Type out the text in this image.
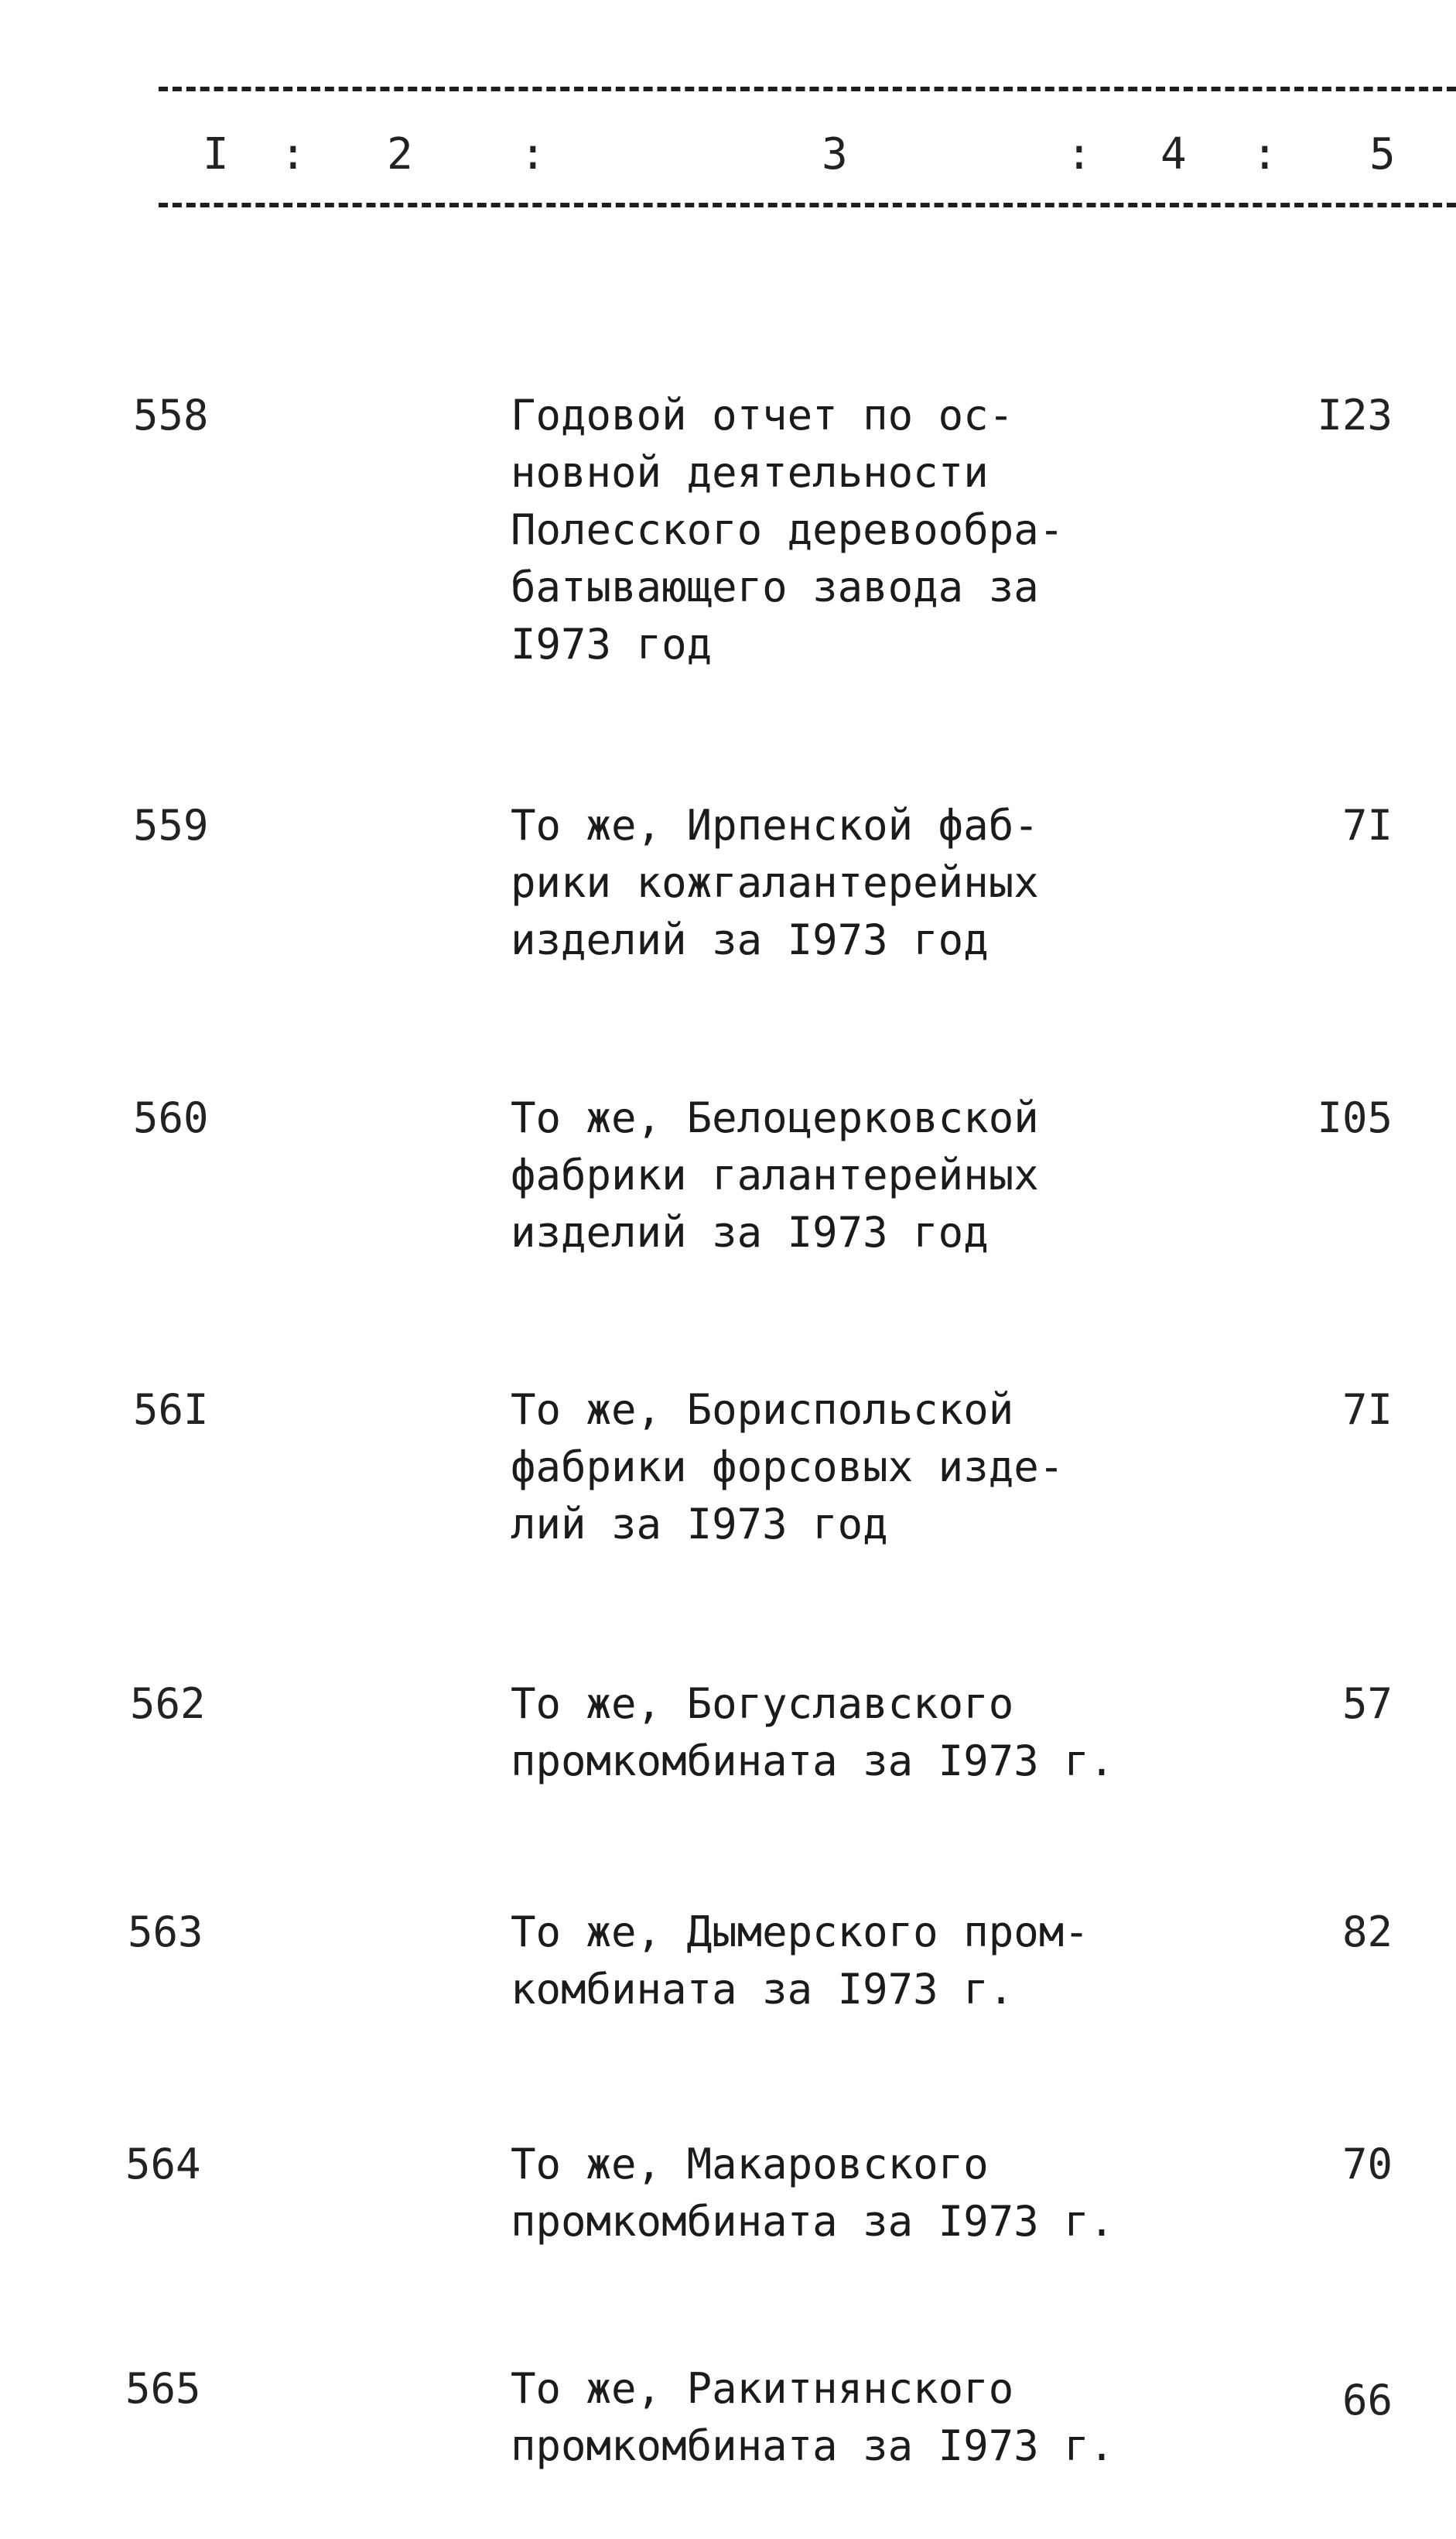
I : 2 :	3	: 4 : 5
558	Годовой отчет по ос-
новной деятельности
Полесского деревообра-
батывающего завода за
I973 год
I23
559	То же, Ирпенской фаб-
рики кожгалантерейных
изделий за I973 год
7I
560	То же, Белоцерковской
фабрики галантерейных
изделий за I973 год
I05
56I	То же, Бориспольской
фабрики форсовых изде-
лий за I973 год
7I
562	То же, Богуславского
промкомбината за I973 г.
57
563	То же, Дымерского пром-
комбината за I973 г.
82
564	То же, Макаровского
промкомбината за I973 г.
70
565	То же, Ракитнянского
промкомбината за I973 г.
66
